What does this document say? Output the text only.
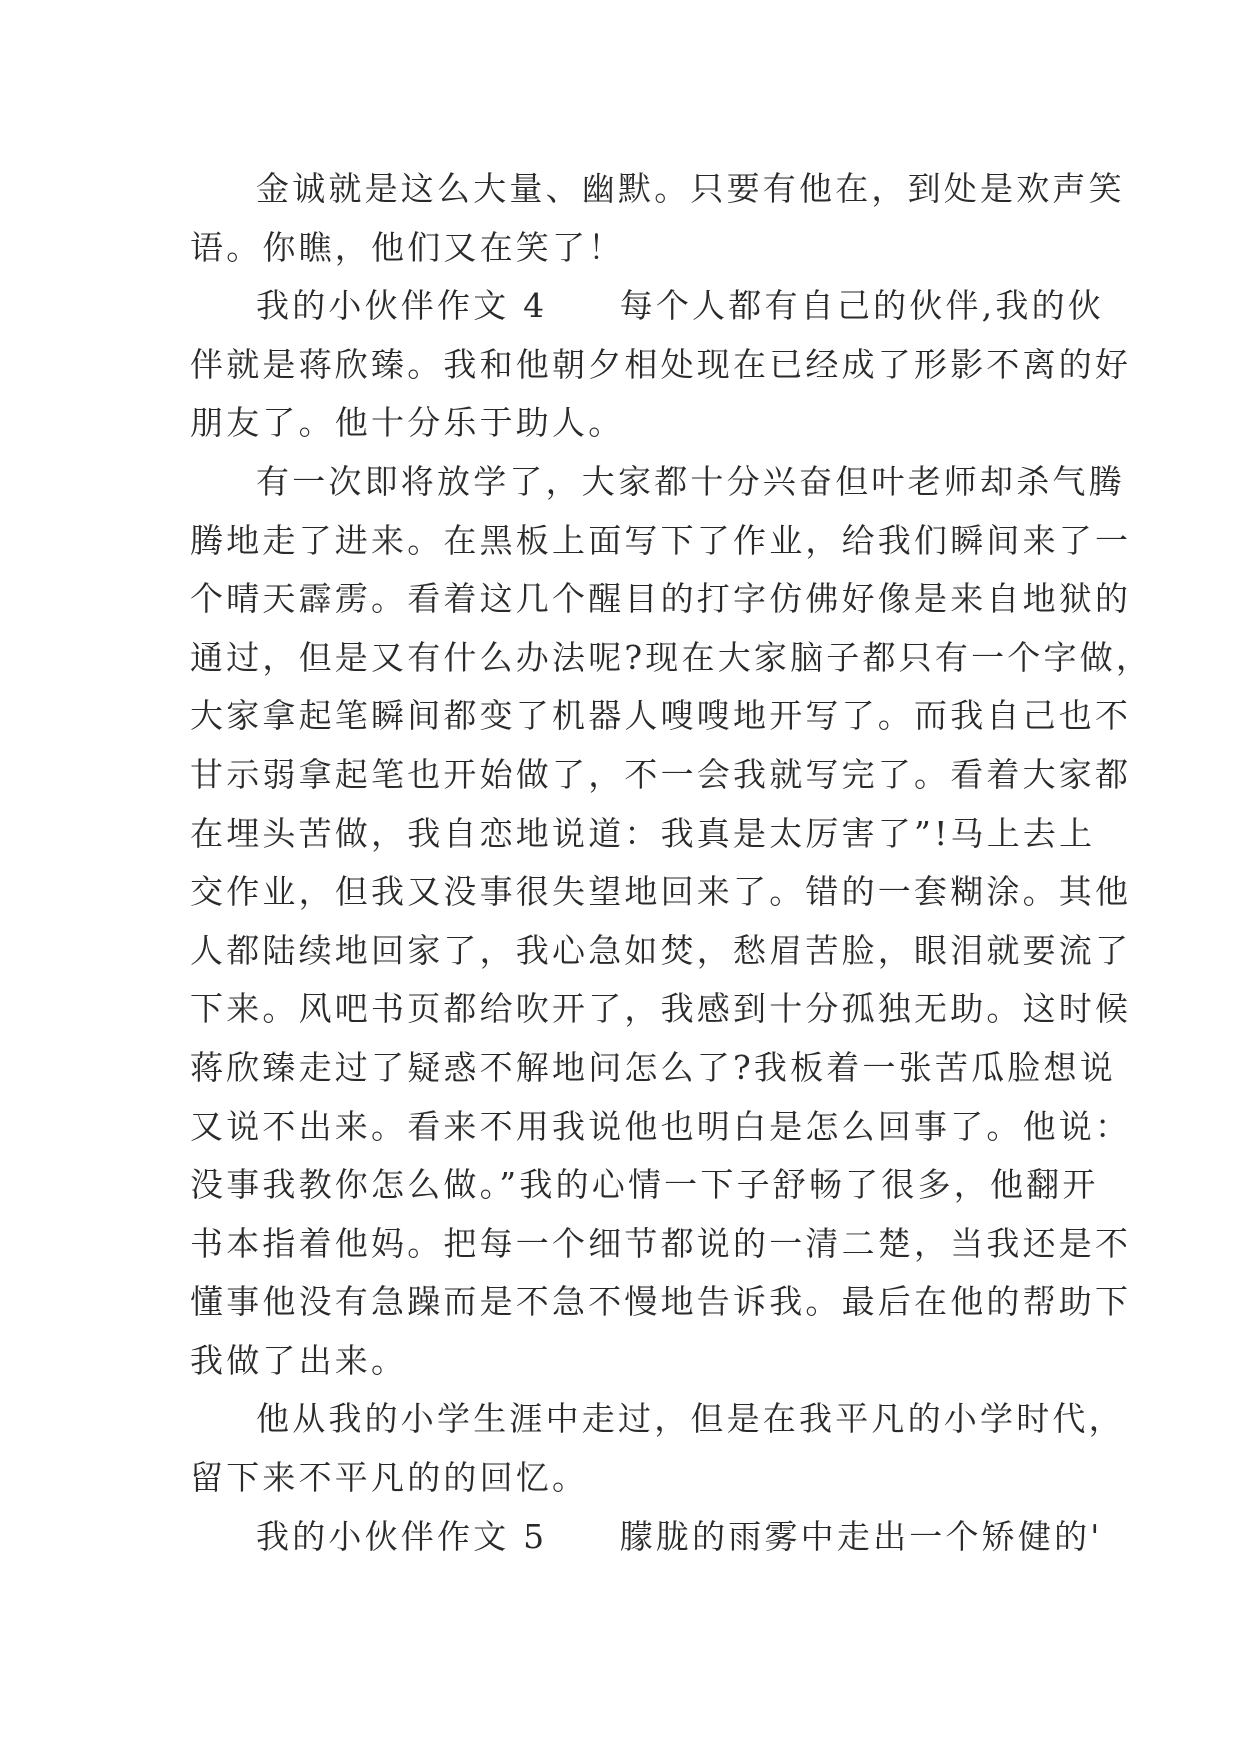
金诚就是这么大量、幽默。只要有他在，到处是欢声笑
语。你瞧，他们又在笑了！
我的小伙伴作文 4　　每个人都有自己的伙伴,我的伙
伴就是蒋欣臻。我和他朝夕相处现在已经成了形影不离的好
朋友了。他十分乐于助人。
有一次即将放学了，大家都十分兴奋但叶老师却杀气腾
腾地走了进来。在黑板上面写下了作业，给我们瞬间来了一
个晴天霹雳。看着这几个醒目的打字仿佛好像是来自地狱的
通过，但是又有什么办法呢?现在大家脑子都只有一个字做，
大家拿起笔瞬间都变了机器人嗖嗖地开写了。而我自己也不
甘示弱拿起笔也开始做了，不一会我就写完了。看着大家都
在埋头苦做，我自恋地说道：我真是太厉害了”!马上去上
交作业，但我又没事很失望地回来了。错的一套糊涂。其他
人都陆续地回家了，我心急如焚，愁眉苦脸，眼泪就要流了
下来。风吧书页都给吹开了，我感到十分孤独无助。这时候
蒋欣臻走过了疑惑不解地问怎么了?我板着一张苦瓜脸想说
又说不出来。看来不用我说他也明白是怎么回事了。他说：
没事我教你怎么做。”我的心情一下子舒畅了很多，他翻开
书本指着他妈。把每一个细节都说的一清二楚，当我还是不
懂事他没有急躁而是不急不慢地告诉我。最后在他的帮助下
我做了出来。
他从我的小学生涯中走过，但是在我平凡的小学时代，
留下来不平凡的的回忆。
我的小伙伴作文 5　　朦胧的雨雾中走出一个矫健的'
